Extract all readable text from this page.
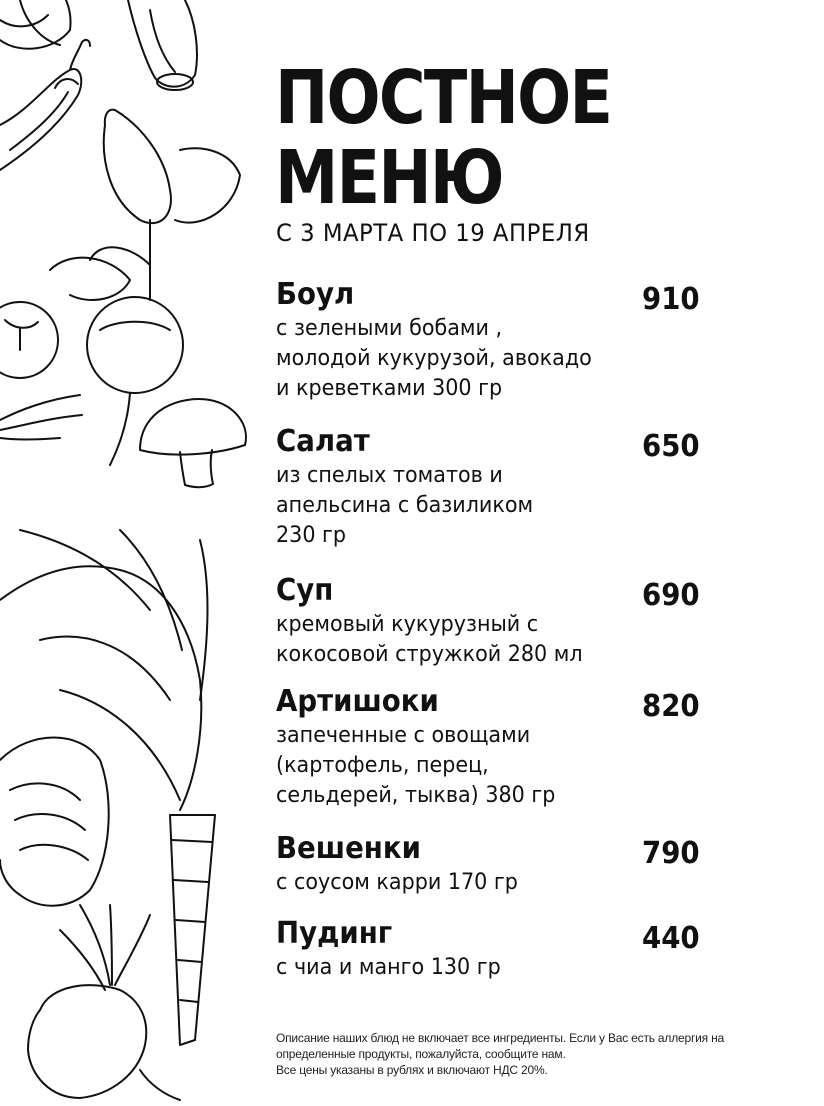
ПОСТНОЕ
МЕНЮ
С 3 МАРТА ПО 19 АПРЕЛЯ
Боул
с зелеными бобами ,
молодой кукурузой, авокадо
и креветками 300 гр
910
Салат
из спелых томатов и
апельсина с базиликом
230 гр
650
Суп
кремовый кукурузный с
кокосовой стружкой 280 мл
690
Артишоки
запеченные с овощами
(картофель, перец,
сельдерей, тыква) 380 гр
820
Вешенки
с соусом карри 170 гр
790
Пудинг
с чиа и манго 130 гр
440
Описание наших блюд не включает все ингредиенты. Если у Вас есть аллергия на
определенные продукты, пожалуйста, сообщите нам.
Все цены указаны в рублях и включают НДС 20%.
